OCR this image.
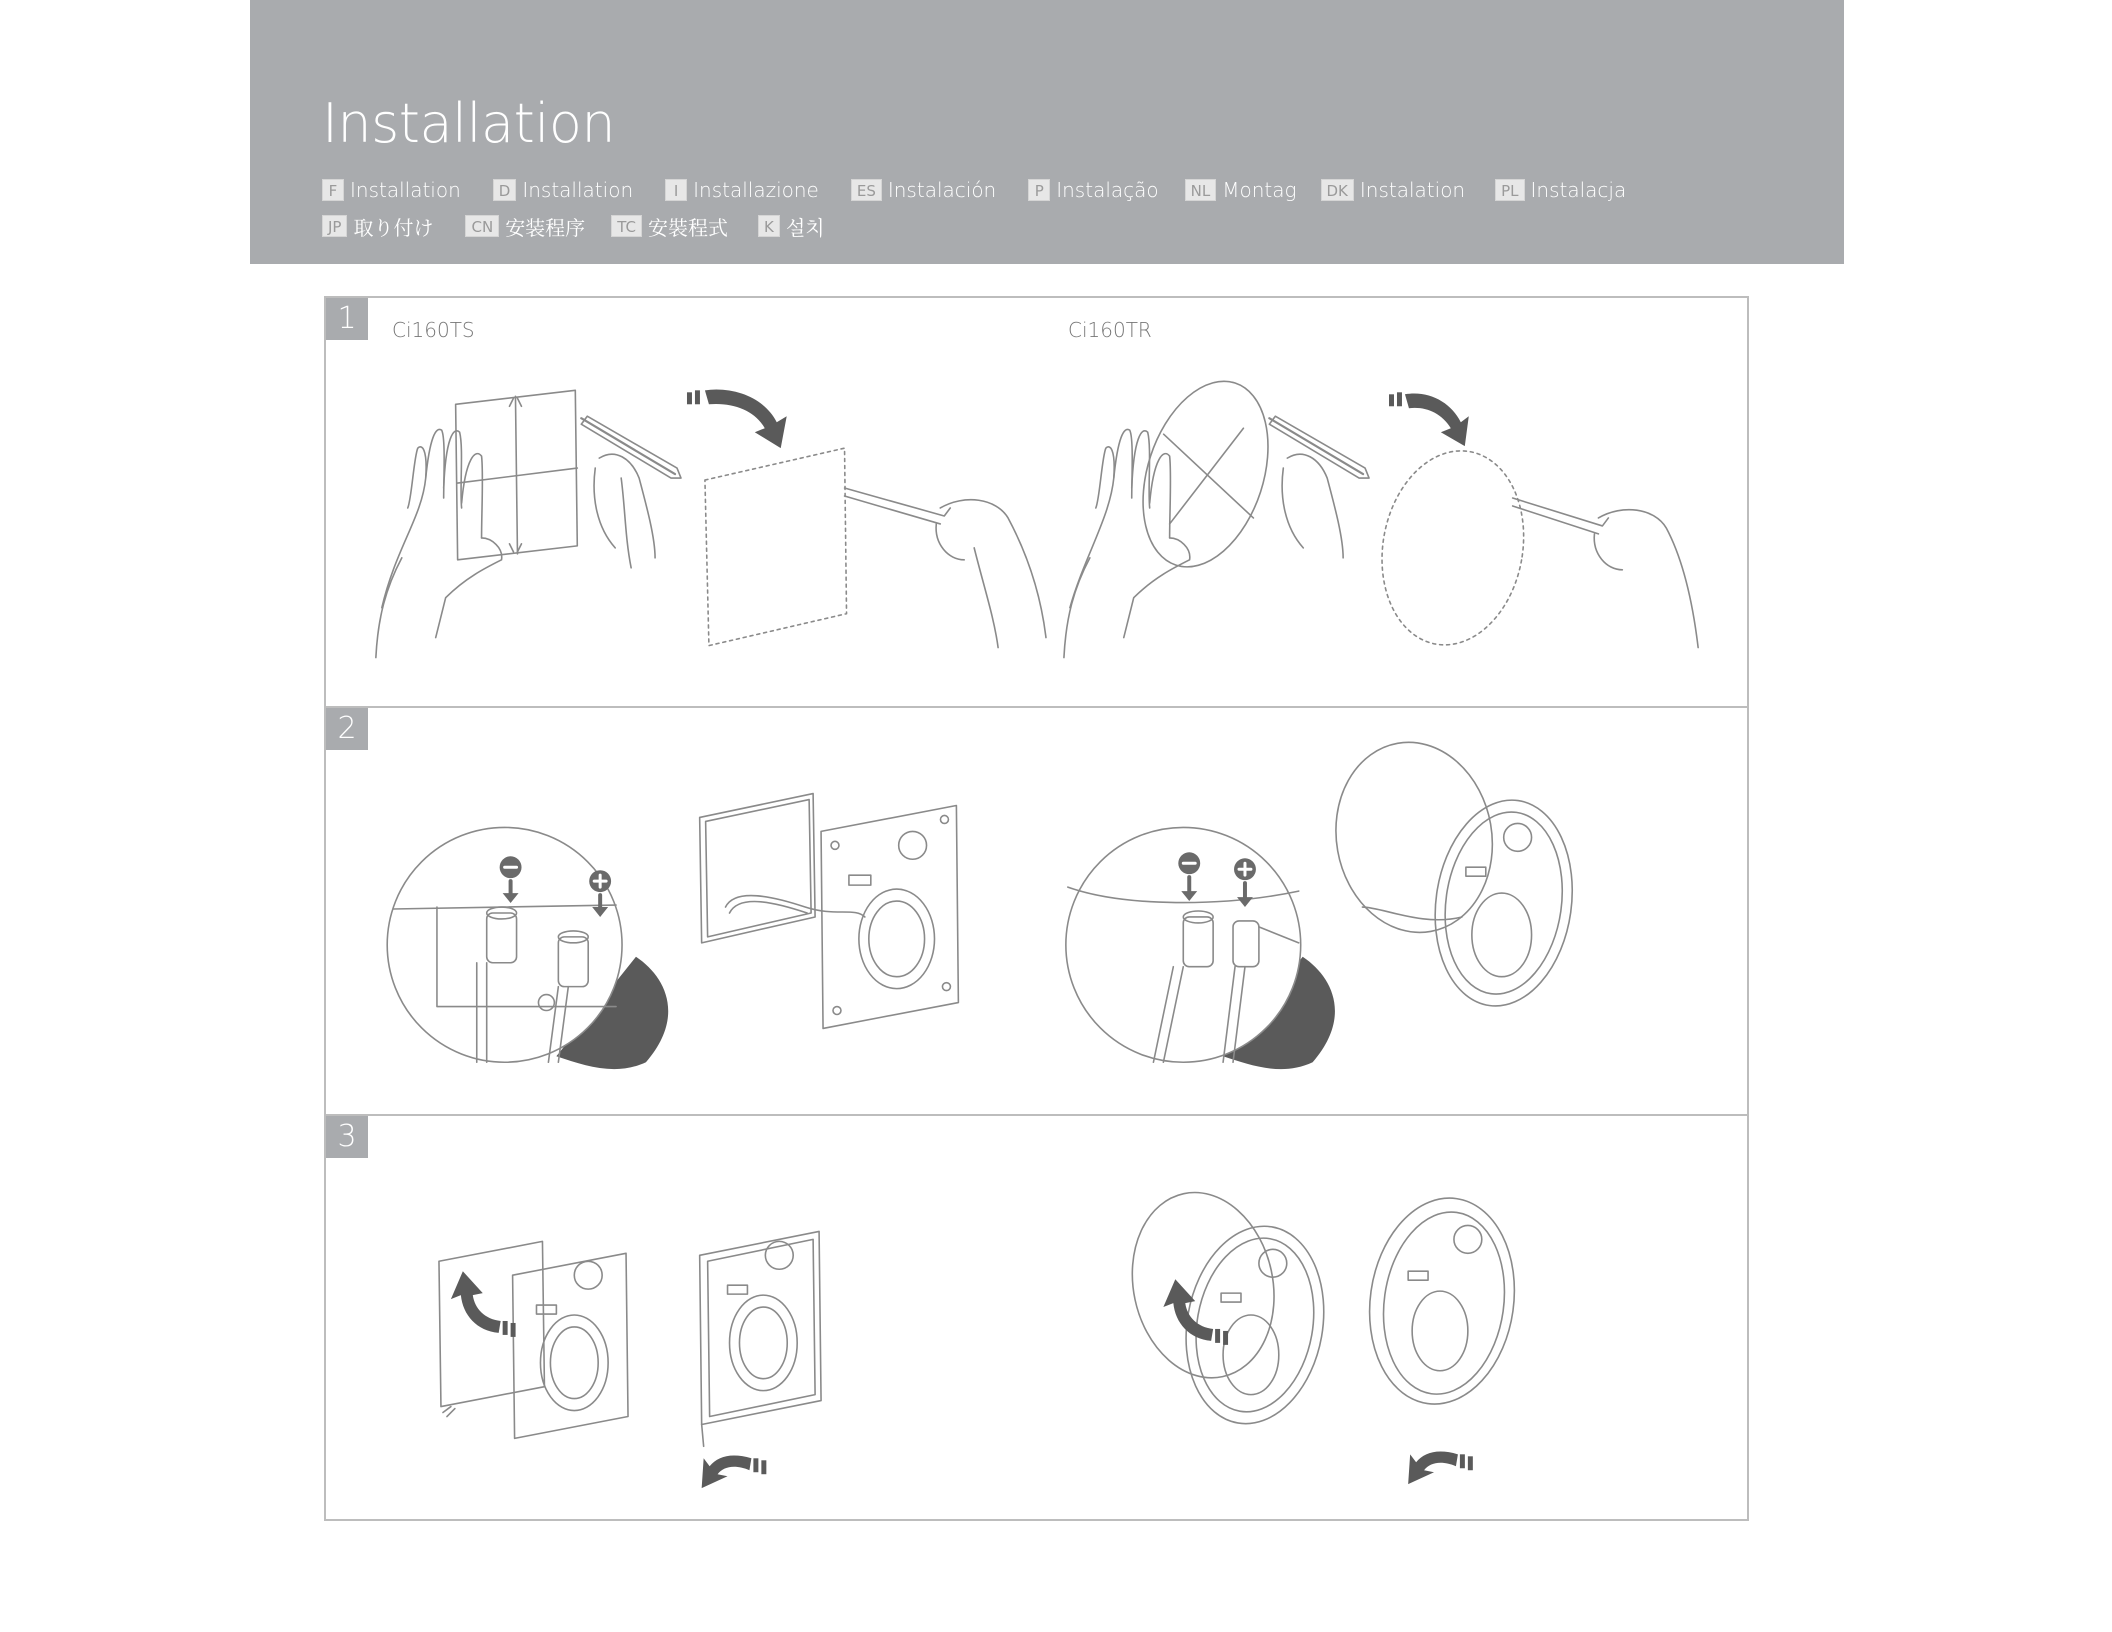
Installation
F Installation	D Installation	I Installazione	ES Instalación	P Instalação	NL Montag	DK Instalation	PL Instalacja
JP 取り付け	CN 安装程序	TC 安裝程式	K 설치
1	Ci160TS	Ci160TR
2
3
